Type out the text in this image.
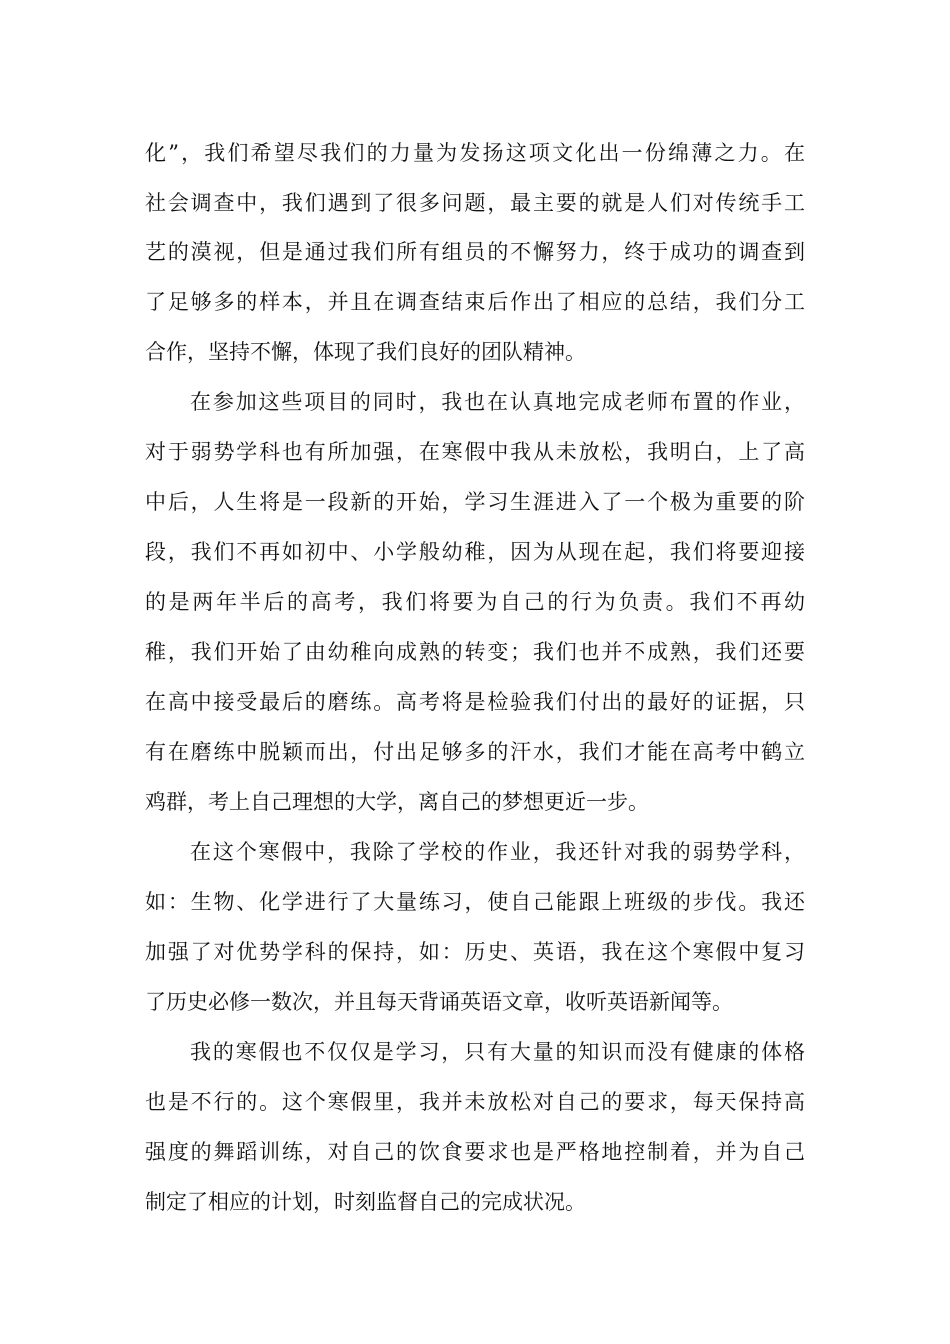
化”，我们希望尽我们的力量为发扬这项文化出一份绵薄之力。在
社会调查中，我们遇到了很多问题，最主要的就是人们对传统手工
艺的漠视，但是通过我们所有组员的不懈努力，终于成功的调查到
了足够多的样本，并且在调查结束后作出了相应的总结，我们分工
合作，坚持不懈，体现了我们良好的团队精神。
在参加这些项目的同时，我也在认真地完成老师布置的作业，
对于弱势学科也有所加强，在寒假中我从未放松，我明白，上了高
中后，人生将是一段新的开始，学习生涯进入了一个极为重要的阶
段，我们不再如初中、小学般幼稚，因为从现在起，我们将要迎接
的是两年半后的高考，我们将要为自己的行为负责。我们不再幼
稚，我们开始了由幼稚向成熟的转变；我们也并不成熟，我们还要
在高中接受最后的磨练。高考将是检验我们付出的最好的证据，只
有在磨练中脱颖而出，付出足够多的汗水，我们才能在高考中鹤立
鸡群，考上自己理想的大学，离自己的梦想更近一步。
在这个寒假中，我除了学校的作业，我还针对我的弱势学科，
如：生物、化学进行了大量练习，使自己能跟上班级的步伐。我还
加强了对优势学科的保持，如：历史、英语，我在这个寒假中复习
了历史必修一数次，并且每天背诵英语文章，收听英语新闻等。
我的寒假也不仅仅是学习，只有大量的知识而没有健康的体格
也是不行的。这个寒假里，我并未放松对自己的要求，每天保持高
强度的舞蹈训练，对自己的饮食要求也是严格地控制着，并为自己
制定了相应的计划，时刻监督自己的完成状况。
